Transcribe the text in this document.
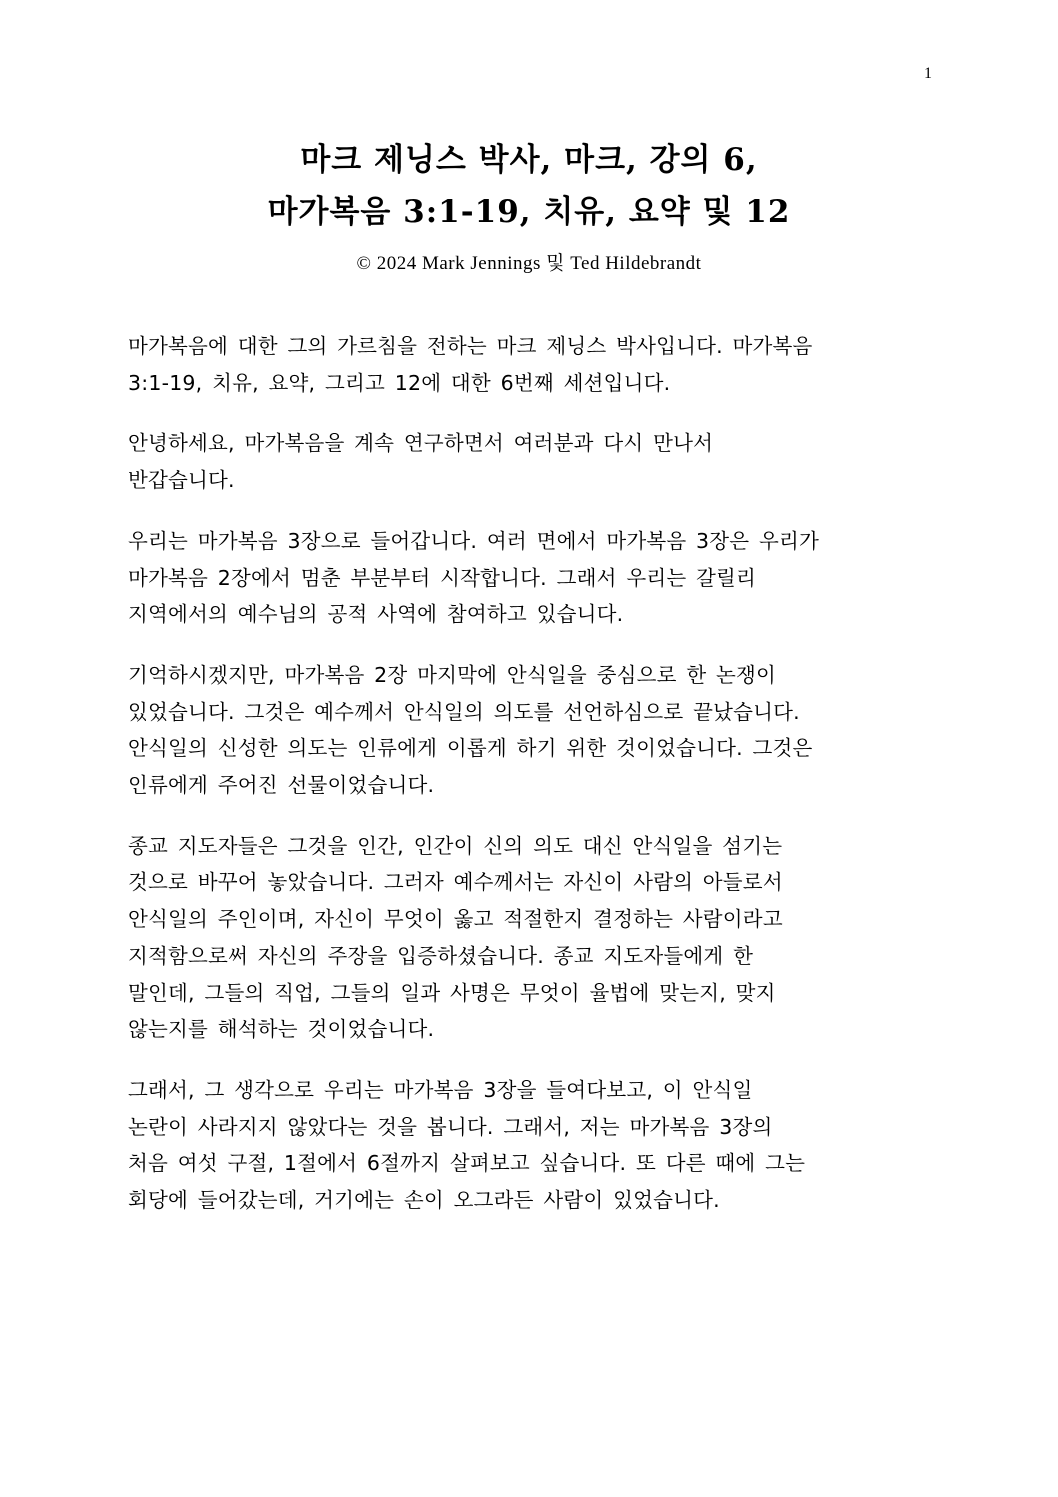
1
마크 제닝스 박사, 마크, 강의 6,
마가복음 3:1-19, 치유, 요약 및 12
© 2024 Mark Jennings 및 Ted Hildebrandt

마가복음에 대한 그의 가르침을 전하는 마크 제닝스 박사입니다. 마가복음
3:1-19, 치유, 요약, 그리고 12에 대한 6번째 세션입니다.

안녕하세요, 마가복음을 계속 연구하면서 여러분과 다시 만나서
반갑습니다.

우리는 마가복음 3장으로 들어갑니다. 여러 면에서 마가복음 3장은 우리가
마가복음 2장에서 멈춘 부분부터 시작합니다. 그래서 우리는 갈릴리
지역에서의 예수님의 공적 사역에 참여하고 있습니다.

기억하시겠지만, 마가복음 2장 마지막에 안식일을 중심으로 한 논쟁이
있었습니다. 그것은 예수께서 안식일의 의도를 선언하심으로 끝났습니다.
안식일의 신성한 의도는 인류에게 이롭게 하기 위한 것이었습니다. 그것은
인류에게 주어진 선물이었습니다.

종교 지도자들은 그것을 인간, 인간이 신의 의도 대신 안식일을 섬기는
것으로 바꾸어 놓았습니다. 그러자 예수께서는 자신이 사람의 아들로서
안식일의 주인이며, 자신이 무엇이 옳고 적절한지 결정하는 사람이라고
지적함으로써 자신의 주장을 입증하셨습니다. 종교 지도자들에게 한
말인데, 그들의 직업, 그들의 일과 사명은 무엇이 율법에 맞는지, 맞지
않는지를 해석하는 것이었습니다.

그래서, 그 생각으로 우리는 마가복음 3장을 들여다보고, 이 안식일
논란이 사라지지 않았다는 것을 봅니다. 그래서, 저는 마가복음 3장의
처음 여섯 구절, 1절에서 6절까지 살펴보고 싶습니다. 또 다른 때에 그는
회당에 들어갔는데, 거기에는 손이 오그라든 사람이 있었습니다.
